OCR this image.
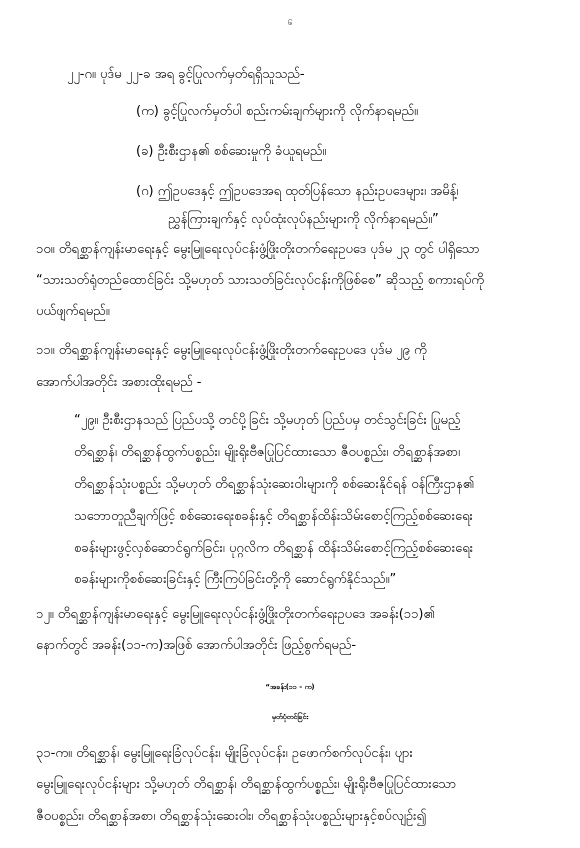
၆
၂၂-ဂ။ ပုဒ်မ ၂၂-ခ အရ ခွင့်ပြုလက်မှတ်ရရှိသူသည်-
(က) ခွင့်ပြုလက်မှတ်ပါ စည်းကမ်းချက်များကို လိုက်နာရမည်။
(ခ) ဦးစီးဌာန၏ စစ်ဆေးမှုကို ခံယူရမည်။
(ဂ) ဤဥပဒေနှင့် ဤဥပဒေအရ ထုတ်ပြန်သော နည်းဥပဒေများ၊ အမိန့်၊
ညွှန်ကြားချက်နှင့် လုပ်ထုံးလုပ်နည်းများကို လိုက်နာရမည်။”
၁၀။ တိရစ္ဆာန်ကျန်းမာရေးနှင့် မွေးမြူရေးလုပ်ငန်းဖွံ့ဖြိုးတိုးတက်ရေးဥပဒေ ပုဒ်မ ၂၃ တွင် ပါရှိသော
“သားသတ်ရုံတည်ထောင်ခြင်း သို့မဟုတ် သားသတ်ခြင်းလုပ်ငန်းကိုဖြစ်စေ” ဆိုသည့် စကားရပ်ကို
ပယ်ဖျက်ရမည်။
၁၁။ တိရစ္ဆာန်ကျန်းမာရေးနှင့် မွေးမြူရေးလုပ်ငန်းဖွံ့ဖြိုးတိုးတက်ရေးဥပဒေ ပုဒ်မ ၂၉ ကို
အောက်ပါအတိုင်း အစားထိုးရမည် -
“၂၉။ ဦးစီးဌာနသည် ပြည်ပသို့ တင်ပို့ခြင်း သို့မဟုတ် ပြည်ပမှ တင်သွင်းခြင်း ပြုမည့်
တိရစ္ဆာန်၊ တိရစ္ဆာန်ထွက်ပစ္စည်း၊ မျိုးရိုးဗီဇပြုပြင်ထားသော ဇီဝပစ္စည်း၊ တိရစ္ဆာန်အစာ၊
တိရစ္ဆာန်သုံးပစ္စည်း သို့မဟုတ် တိရစ္ဆာန်သုံးဆေးဝါးများကို စစ်ဆေးနိုင်ရန် ဝန်ကြီးဌာန၏
သဘောတူညီချက်ဖြင့် စစ်ဆေးရေးစခန်းနှင့် တိရစ္ဆာန်ထိန်းသိမ်းစောင့်ကြည့်စစ်ဆေးရေး
စခန်းများဖွင့်လှစ်ဆောင်ရွက်ခြင်း၊ ပုဂ္ဂလိက တိရစ္ဆာန် ထိန်းသိမ်းစောင့်ကြည့်စစ်ဆေးရေး
စခန်းများကိုစစ်ဆေးခြင်းနှင့် ကြီးကြပ်ခြင်းတို့ကို ဆောင်ရွက်နိုင်သည်။”
၁၂။ တိရစ္ဆာန်ကျန်းမာရေးနှင့် မွေးမြူရေးလုပ်ငန်းဖွံ့ဖြိုးတိုးတက်ရေးဥပဒေ အခန်း(၁၁)၏
နောက်တွင် အခန်း(၁၁-က)အဖြစ် အောက်ပါအတိုင်း ဖြည့်စွက်ရမည်-
“အခန်း(၁၁ - က)
မှတ်ပုံတင်ခြင်း
၃၁-က။ တိရစ္ဆာန်၊ မွေးမြူရေးခြံလုပ်ငန်း၊ မျိုးခြံလုပ်ငန်း၊ ဥဖောက်စက်လုပ်ငန်း၊ ပျား
မွေးမြူရေးလုပ်ငန်းများ သို့မဟုတ် တိရစ္ဆာန်၊ တိရစ္ဆာန်ထွက်ပစ္စည်း၊ မျိုးရိုးဗီဇပြုပြင်ထားသော
ဇီဝပစ္စည်း၊ တိရစ္ဆာန်အစာ၊ တိရစ္ဆာန်သုံးဆေးဝါး၊ တိရစ္ဆာန်သုံးပစ္စည်းများနှင့်စပ်လျဉ်း၍
